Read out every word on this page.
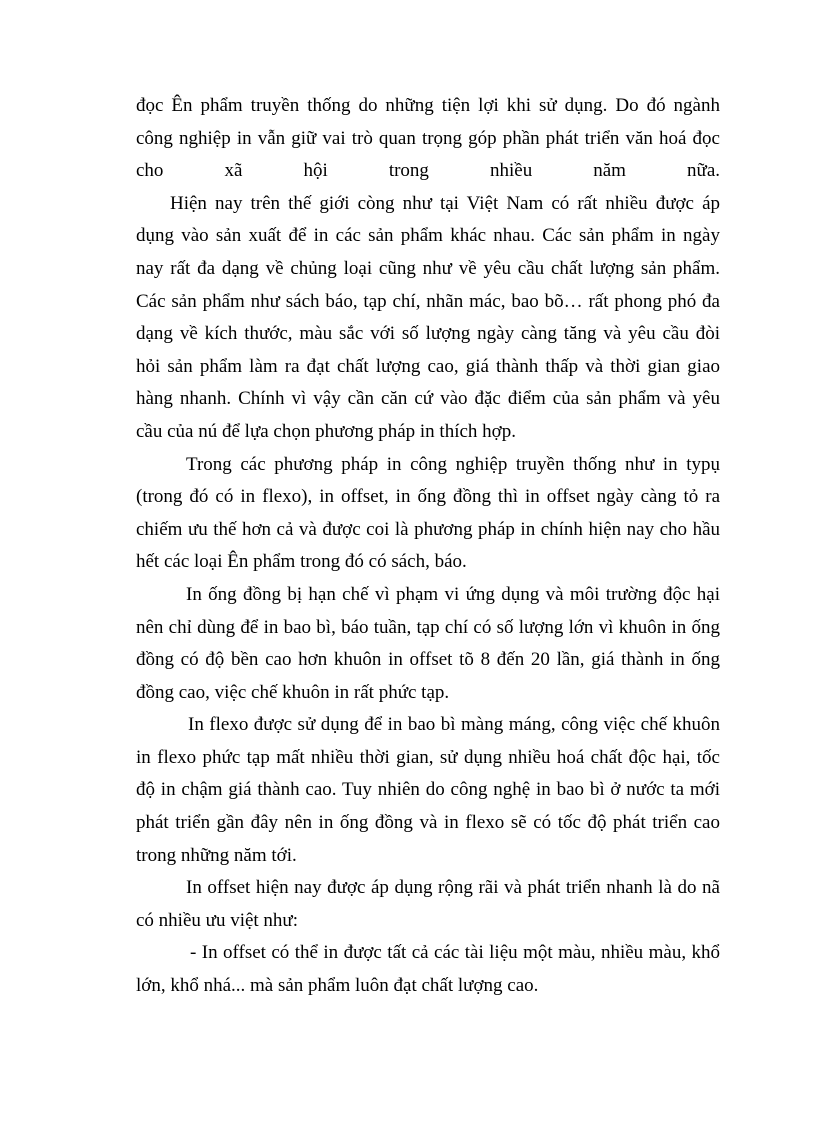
đọc Ên phẩm truyền thống do những tiện lợi khi sử dụng. Do đó ngành
công nghiệp in vẫn giữ vai trò quan trọng góp phần phát triển văn hoá đọc
cho xã hội trong nhiều năm nữa.
Hiện nay trên thế giới còng như tại Việt Nam có rất nhiều được áp
dụng vào sản xuất để in các sản phẩm khác nhau. Các sản phẩm in ngày
nay rất đa dạng về chủng loại cũng như về yêu cầu chất lượng sản phẩm.
Các sản phẩm như sách báo, tạp chí, nhãn mác, bao bõ… rất phong phó đa
dạng về kích thước, màu sắc với số lượng ngày càng tăng và yêu cầu đòi
hỏi sản phẩm làm ra đạt chất lượng cao, giá thành thấp và thời gian giao
hàng nhanh. Chính vì vậy cần căn cứ vào đặc điểm của sản phẩm và yêu
cầu của nú để lựa chọn phương pháp in thích hợp.
Trong các phương pháp in công nghiệp truyền thống như in typụ
(trong đó có in flexo), in offset, in ống đồng thì in offset ngày càng tỏ ra
chiếm ưu thế hơn cả và được coi là phương pháp in chính hiện nay cho hầu
hết các loại Ên phẩm trong đó có sách, báo.
In ống đồng bị hạn chế vì phạm vi ứng dụng và môi trường độc hại
nên chỉ dùng để in bao bì, báo tuần, tạp chí có số lượng lớn vì khuôn in ống
đồng có độ bền cao hơn khuôn in offset tõ 8 đến 20 lần, giá thành in ống
đồng cao, việc chế khuôn in rất phức tạp.
In flexo được sử dụng để in bao bì màng máng, công việc chế khuôn
in flexo phức tạp mất nhiều thời gian, sử dụng nhiều hoá chất độc hại, tốc
độ in chậm giá thành cao. Tuy nhiên do công nghệ in bao bì ở nước ta mới
phát triển gần đây nên in ống đồng và in flexo sẽ có tốc độ phát triển cao
trong những năm tới.
In offset hiện nay được áp dụng rộng rãi và phát triển nhanh là do nã
có nhiều ưu việt như:
- In offset có thể in được tất cả các tài liệu một màu, nhiều màu, khổ
lớn, khổ nhá... mà sản phẩm luôn đạt chất lượng cao.
